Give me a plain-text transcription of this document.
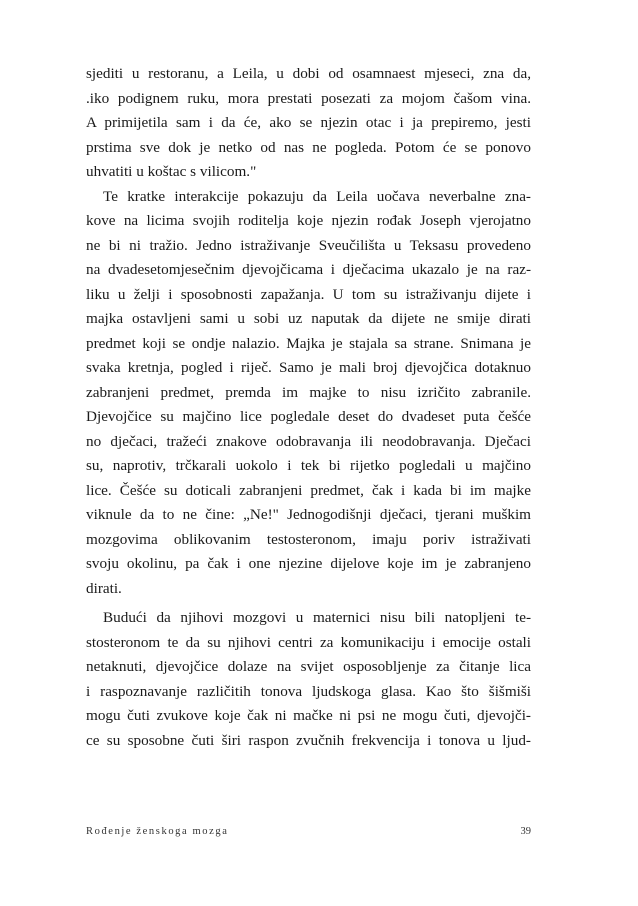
sjediti u restoranu, a Leila, u dobi od osamnaest mjeseci, zna da,
.iko podignem ruku, mora prestati posezati za mojom čašom vina.
A primijetila sam i da će, ako se njezin otac i ja prepiremo, jesti
prstima sve dok je netko od nas ne pogleda. Potom će se ponovo
uhvatiti u koštac s vilicom."
Te kratke interakcije pokazuju da Leila uočava neverbalne zna-
kove na licima svojih roditelja koje njezin rođak Joseph vjerojatno
ne bi ni tražio. Jedno istraživanje Sveučilišta u Teksasu provedeno
na dvadesetomjesečnim djevojčicama i dječacima ukazalo je na raz-
liku u želji i sposobnosti zapažanja. U tom su istraživanju dijete i
majka ostavljeni sami u sobi uz naputak da dijete ne smije dirati
predmet koji se ondje nalazio. Majka je stajala sa strane. Snimana je
svaka kretnja, pogled i riječ. Samo je mali broj djevojčica dotaknuo
zabranjeni predmet, premda im majke to nisu izričito zabranile.
Djevojčice su majčino lice pogledale deset do dvadeset puta češće
no dječaci, tražeći znakove odobravanja ili neodobravanja. Dječaci
su, naprotiv, trčkarali uokolo i tek bi rijetko pogledali u majčino
lice. Češće su doticali zabranjeni predmet, čak i kada bi im majke
viknule da to ne čine: „Ne!" Jednogodišnji dječaci, tjerani muškim
mozgovima oblikovanim testosteronom, imaju poriv istraživati
svoju okolinu, pa čak i one njezine dijelove koje im je zabranjeno
dirati.
Budući da njihovi mozgovi u maternici nisu bili natopljeni te-
stosteronom te da su njihovi centri za komunikaciju i emocije ostali
netaknuti, djevojčice dolaze na svijet osposobljenje za čitanje lica
i raspoznavanje različitih tonova ljudskoga glasa. Kao što šišmiši
mogu čuti zvukove koje čak ni mačke ni psi ne mogu čuti, djevojči-
ce su sposobne čuti širi raspon zvučnih frekvencija i tonova u ljud-
Rođenje ženskoga mozga	39
